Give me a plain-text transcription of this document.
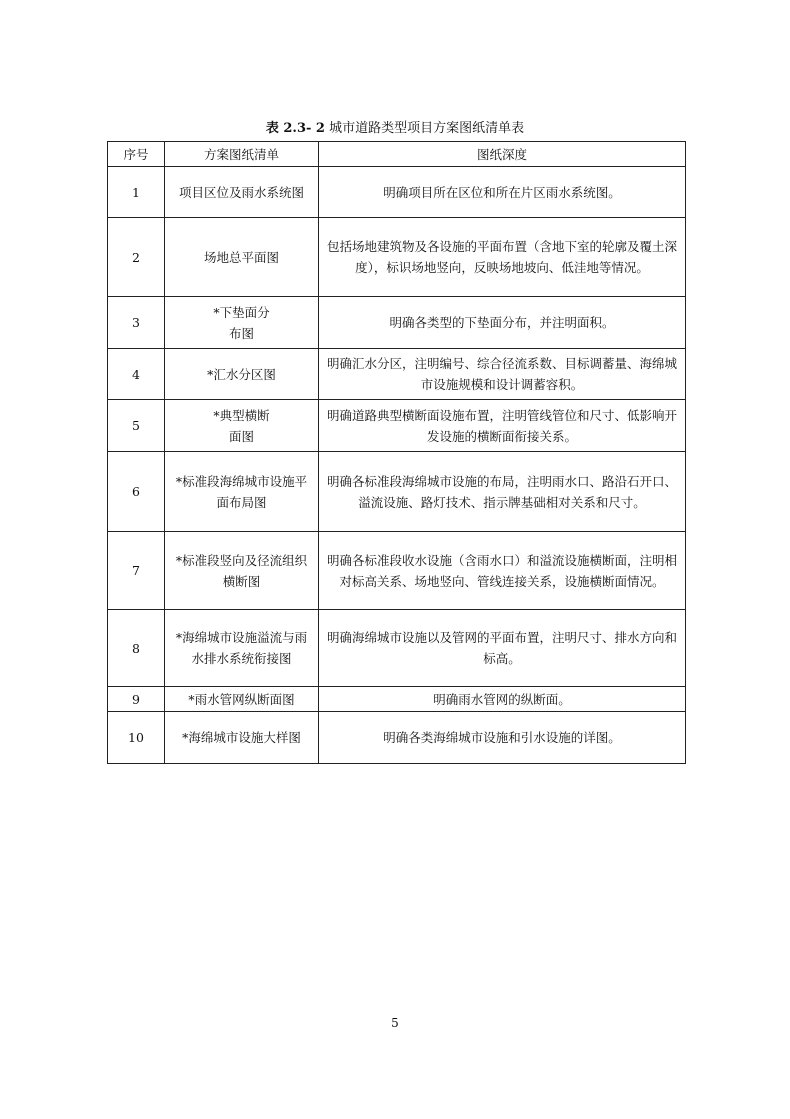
表 2.3- 2 城市道路类型项目方案图纸清单表
序号	方案图纸清单	图纸深度
1	项目区位及雨水系统图	明确项目所在区位和所在片区雨水系统图。
2	场地总平面图	包括场地建筑物及各设施的平面布置（含地下室的轮廓及覆土深度），标识场地竖向，反映场地坡向、低洼地等情况。
3	*下垫面分布图	明确各类型的下垫面分布，并注明面积。
4	*汇水分区图	明确汇水分区，注明编号、综合径流系数、目标调蓄量、海绵城市设施规模和设计调蓄容积。
5	*典型横断面图	明确道路典型横断面设施布置，注明管线管位和尺寸、低影响开发设施的横断面衔接关系。
6	*标准段海绵城市设施平面布局图	明确各标准段海绵城市设施的布局，注明雨水口、路沿石开口、溢流设施、路灯技术、指示牌基础相对关系和尺寸。
7	*标准段竖向及径流组织横断图	明确各标准段收水设施（含雨水口）和溢流设施横断面，注明相对标高关系、场地竖向、管线连接关系，设施横断面情况。
8	*海绵城市设施溢流与雨水排水系统衔接图	明确海绵城市设施以及管网的平面布置，注明尺寸、排水方向和标高。
9	*雨水管网纵断面图	明确雨水管网的纵断面。
10	*海绵城市设施大样图	明确各类海绵城市设施和引水设施的详图。
5
